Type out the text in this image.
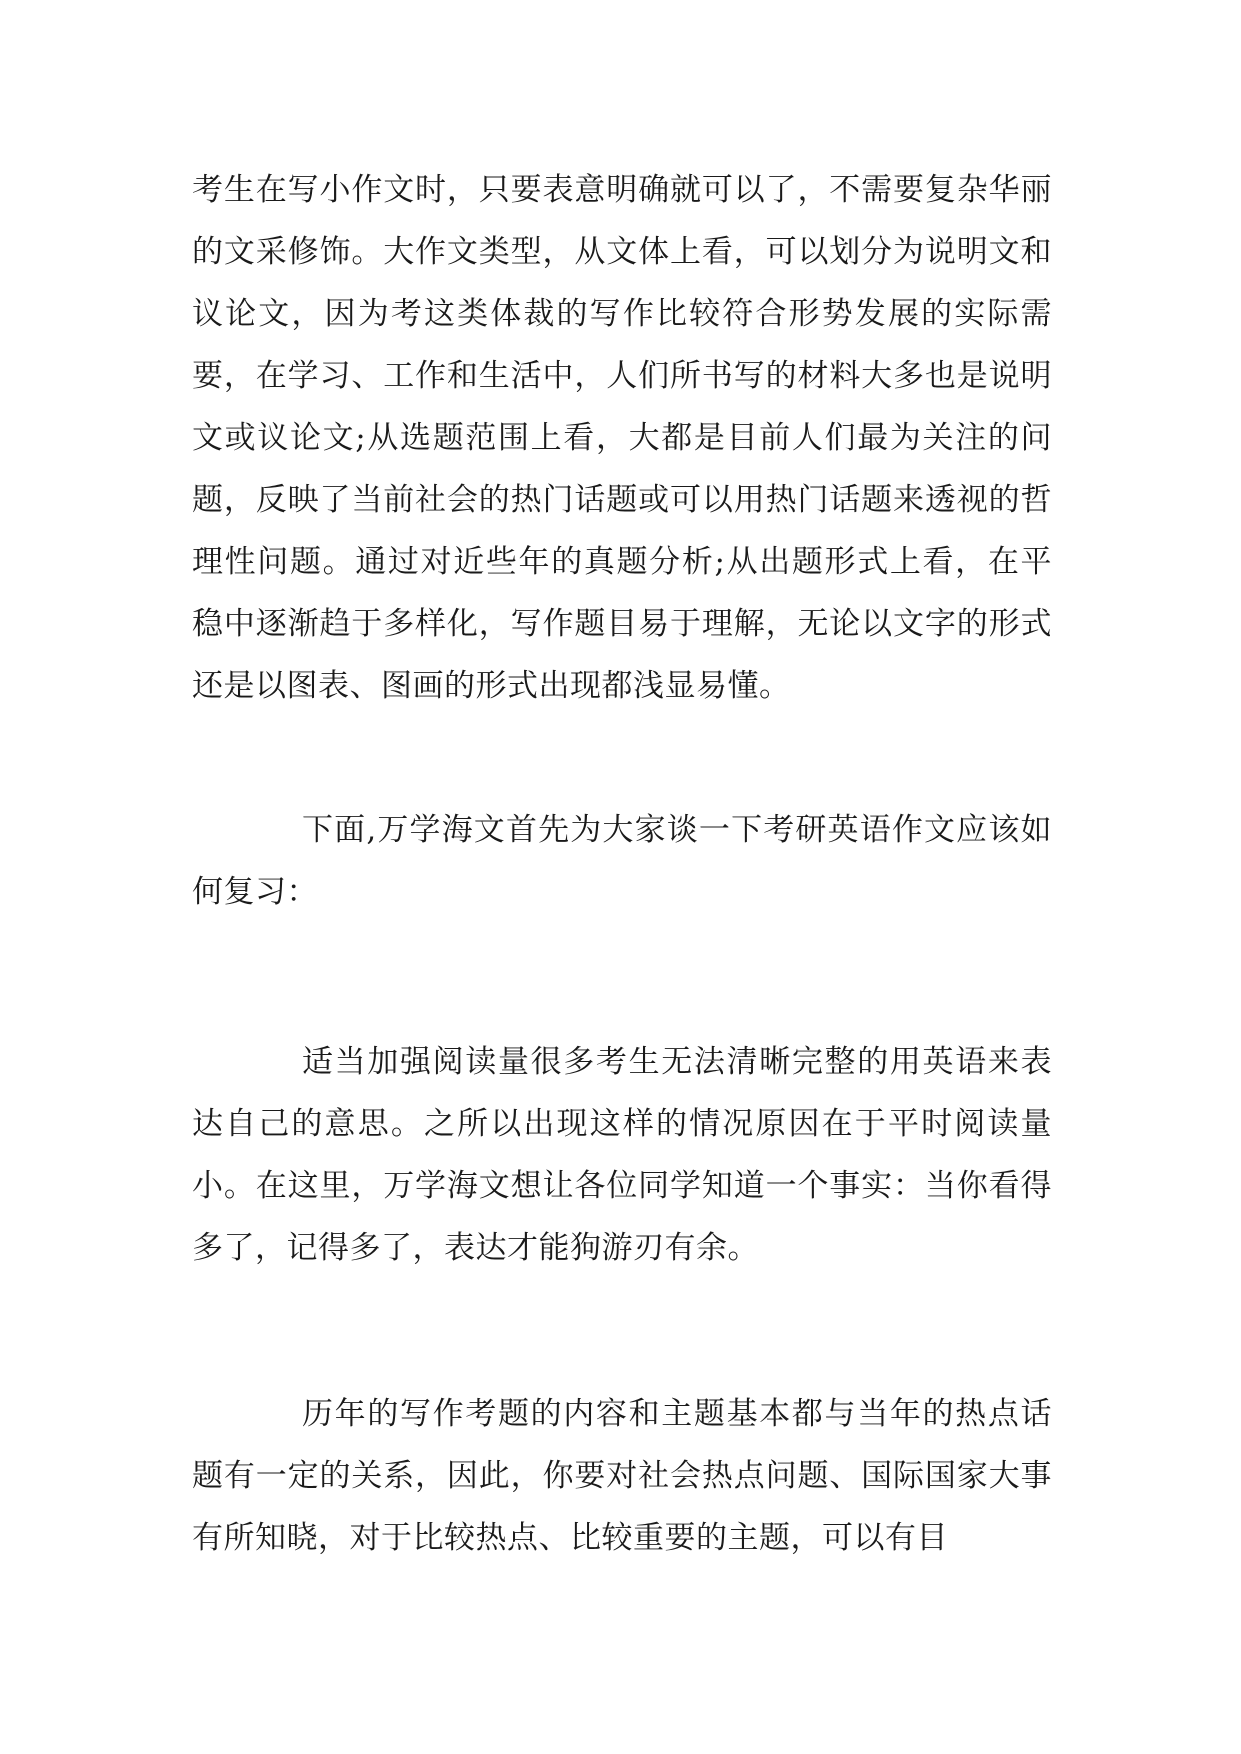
考生在写小作文时，只要表意明确就可以了，不需要复杂华丽的文采修饰。大作文类型，从文体上看，可以划分为说明文和议论文，因为考这类体裁的写作比较符合形势发展的实际需要，在学习、工作和生活中，人们所书写的材料大多也是说明文或议论文;从选题范围上看，大都是目前人们最为关注的问题，反映了当前社会的热门话题或可以用热门话题来透视的哲理性问题。通过对近些年的真题分析;从出题形式上看，在平稳中逐渐趋于多样化，写作题目易于理解，无论以文字的形式还是以图表、图画的形式出现都浅显易懂。

下面,万学海文首先为大家谈一下考研英语作文应该如何复习：

适当加强阅读量很多考生无法清晰完整的用英语来表达自己的意思。之所以出现这样的情况原因在于平时阅读量小。在这里，万学海文想让各位同学知道一个事实：当你看得多了，记得多了，表达才能狗游刃有余。

历年的写作考题的内容和主题基本都与当年的热点话题有一定的关系，因此，你要对社会热点问题、国际国家大事有所知晓，对于比较热点、比较重要的主题，可以有目
